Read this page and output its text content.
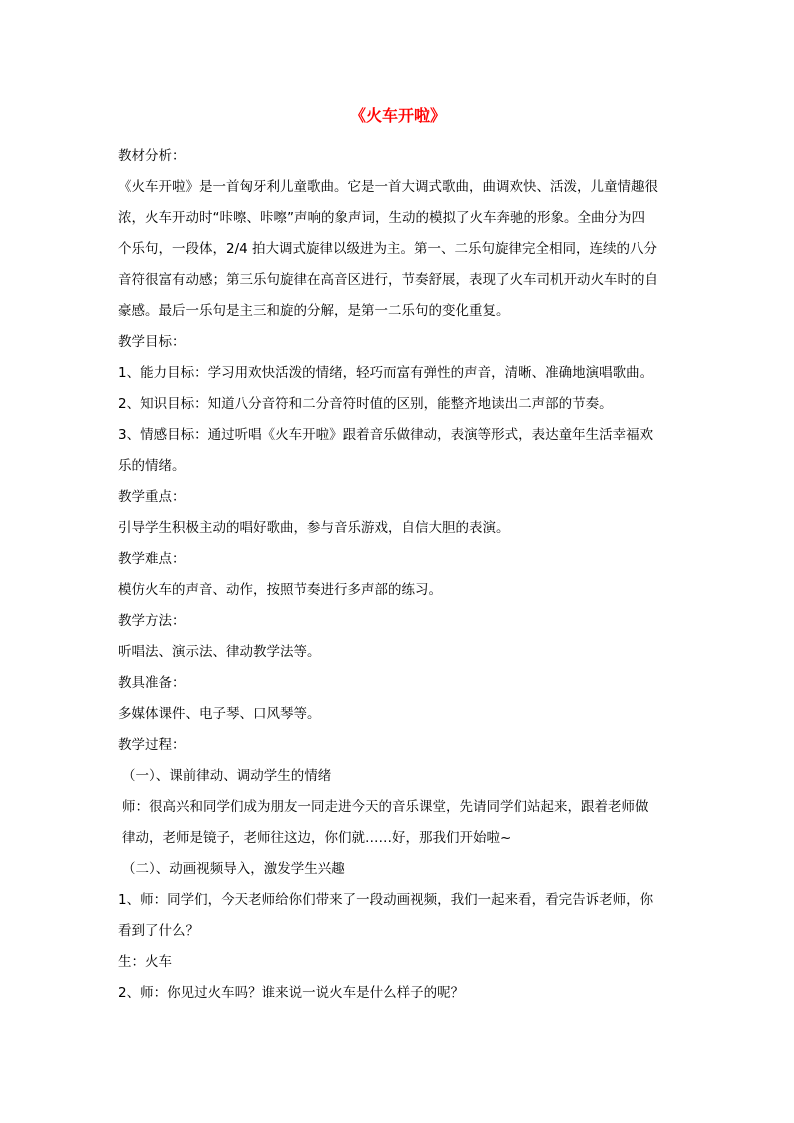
《火车开啦》
教材分析：
《火车开啦》是一首匈牙利儿童歌曲。它是一首大调式歌曲，曲调欢快、活泼，儿童情趣很
浓，火车开动时“咔嚓、咔嚓”声响的象声词，生动的模拟了火车奔驰的形象。全曲分为四
个乐句，一段体，2/4 拍大调式旋律以级进为主。第一、二乐句旋律完全相同，连续的八分
音符很富有动感；第三乐句旋律在高音区进行，节奏舒展，表现了火车司机开动火车时的自
豪感。最后一乐句是主三和旋的分解，是第一二乐句的变化重复。
教学目标：
1、能力目标：学习用欢快活泼的情绪，轻巧而富有弹性的声音，清晰、准确地演唱歌曲。
2、知识目标：知道八分音符和二分音符时值的区别，能整齐地读出二声部的节奏。
3、情感目标：通过听唱《火车开啦》跟着音乐做律动，表演等形式，表达童年生活幸福欢
乐的情绪。
教学重点：
引导学生积极主动的唱好歌曲，参与音乐游戏，自信大胆的表演。
教学难点：
模仿火车的声音、动作，按照节奏进行多声部的练习。
教学方法：
听唱法、演示法、律动教学法等。
教具准备：
多媒体课件、电子琴、口风琴等。
教学过程：
（一）、课前律动、调动学生的情绪
师：很高兴和同学们成为朋友一同走进今天的音乐课堂，先请同学们站起来，跟着老师做
律动，老师是镜子，老师往这边，你们就……好，那我们开始啦~
（二）、动画视频导入，激发学生兴趣
1、师：同学们，今天老师给你们带来了一段动画视频，我们一起来看，看完告诉老师，你
看到了什么？
生：火车
2、师：你见过火车吗？谁来说一说火车是什么样子的呢？
